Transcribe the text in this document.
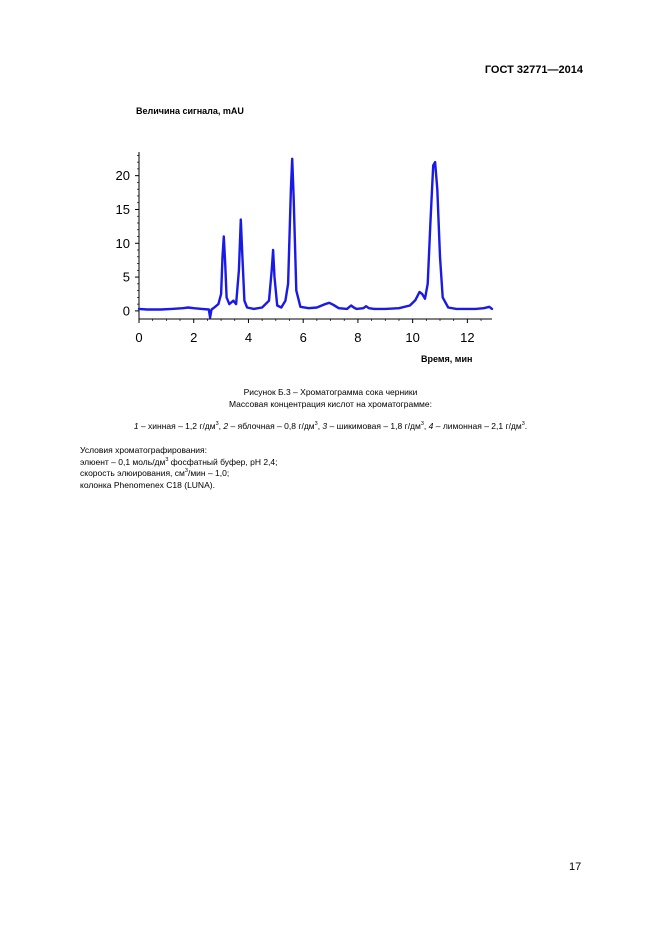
ГОСТ 32771—2014
Величина сигнала, mAU
0
5
10
15
20
0	2	4	6	8	10	12
Время, мин
Рисунок Б.3 – Хроматограмма сока черники
Массовая концентрация кислот на хроматограмме:
1 – хинная – 1,2 $г/дм^3$, 2 – яблочная – 0,8 $г/дм^3$, 3 – шикимовая – 1,8 $г/дм^3$, 4 – лимонная – 2,1 $г/дм^3$.
Условия хроматографирования:
элюент – 0,1 моль/$дм^3$ фосфатный буфер, pH 2,4;
скорость элюирования, $см^3$/мин – 1,0;
колонка Phenomenex C18 (LUNA).
17
